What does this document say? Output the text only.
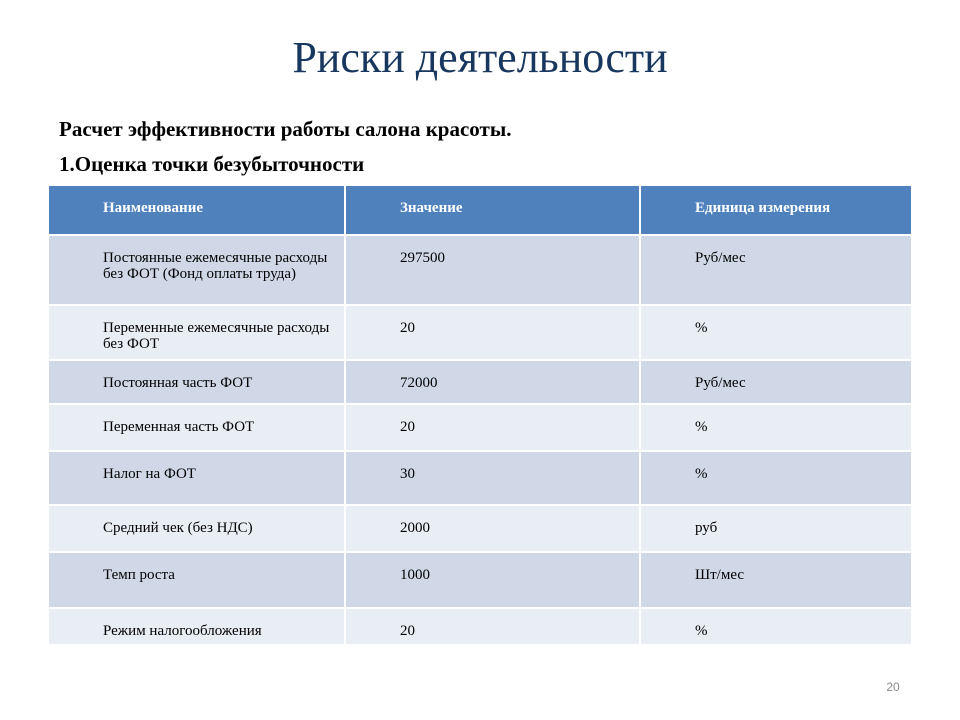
Риски деятельности
Расчет эффективности работы салона красоты.
1.Оценка точки безубыточности
Наименование	Значение	Единица измерения
Постоянные ежемесячные расходы без ФОТ (Фонд оплаты труда)	297500	Руб/мес
Переменные ежемесячные расходы без ФОТ	20	%
Постоянная часть ФОТ	72000	Руб/мес
Переменная часть ФОТ	20	%
Налог на ФОТ	30	%
Средний чек (без НДС)	2000	руб
Темп роста	1000	Шт/мес
Режим налогообложения	20	%
20
